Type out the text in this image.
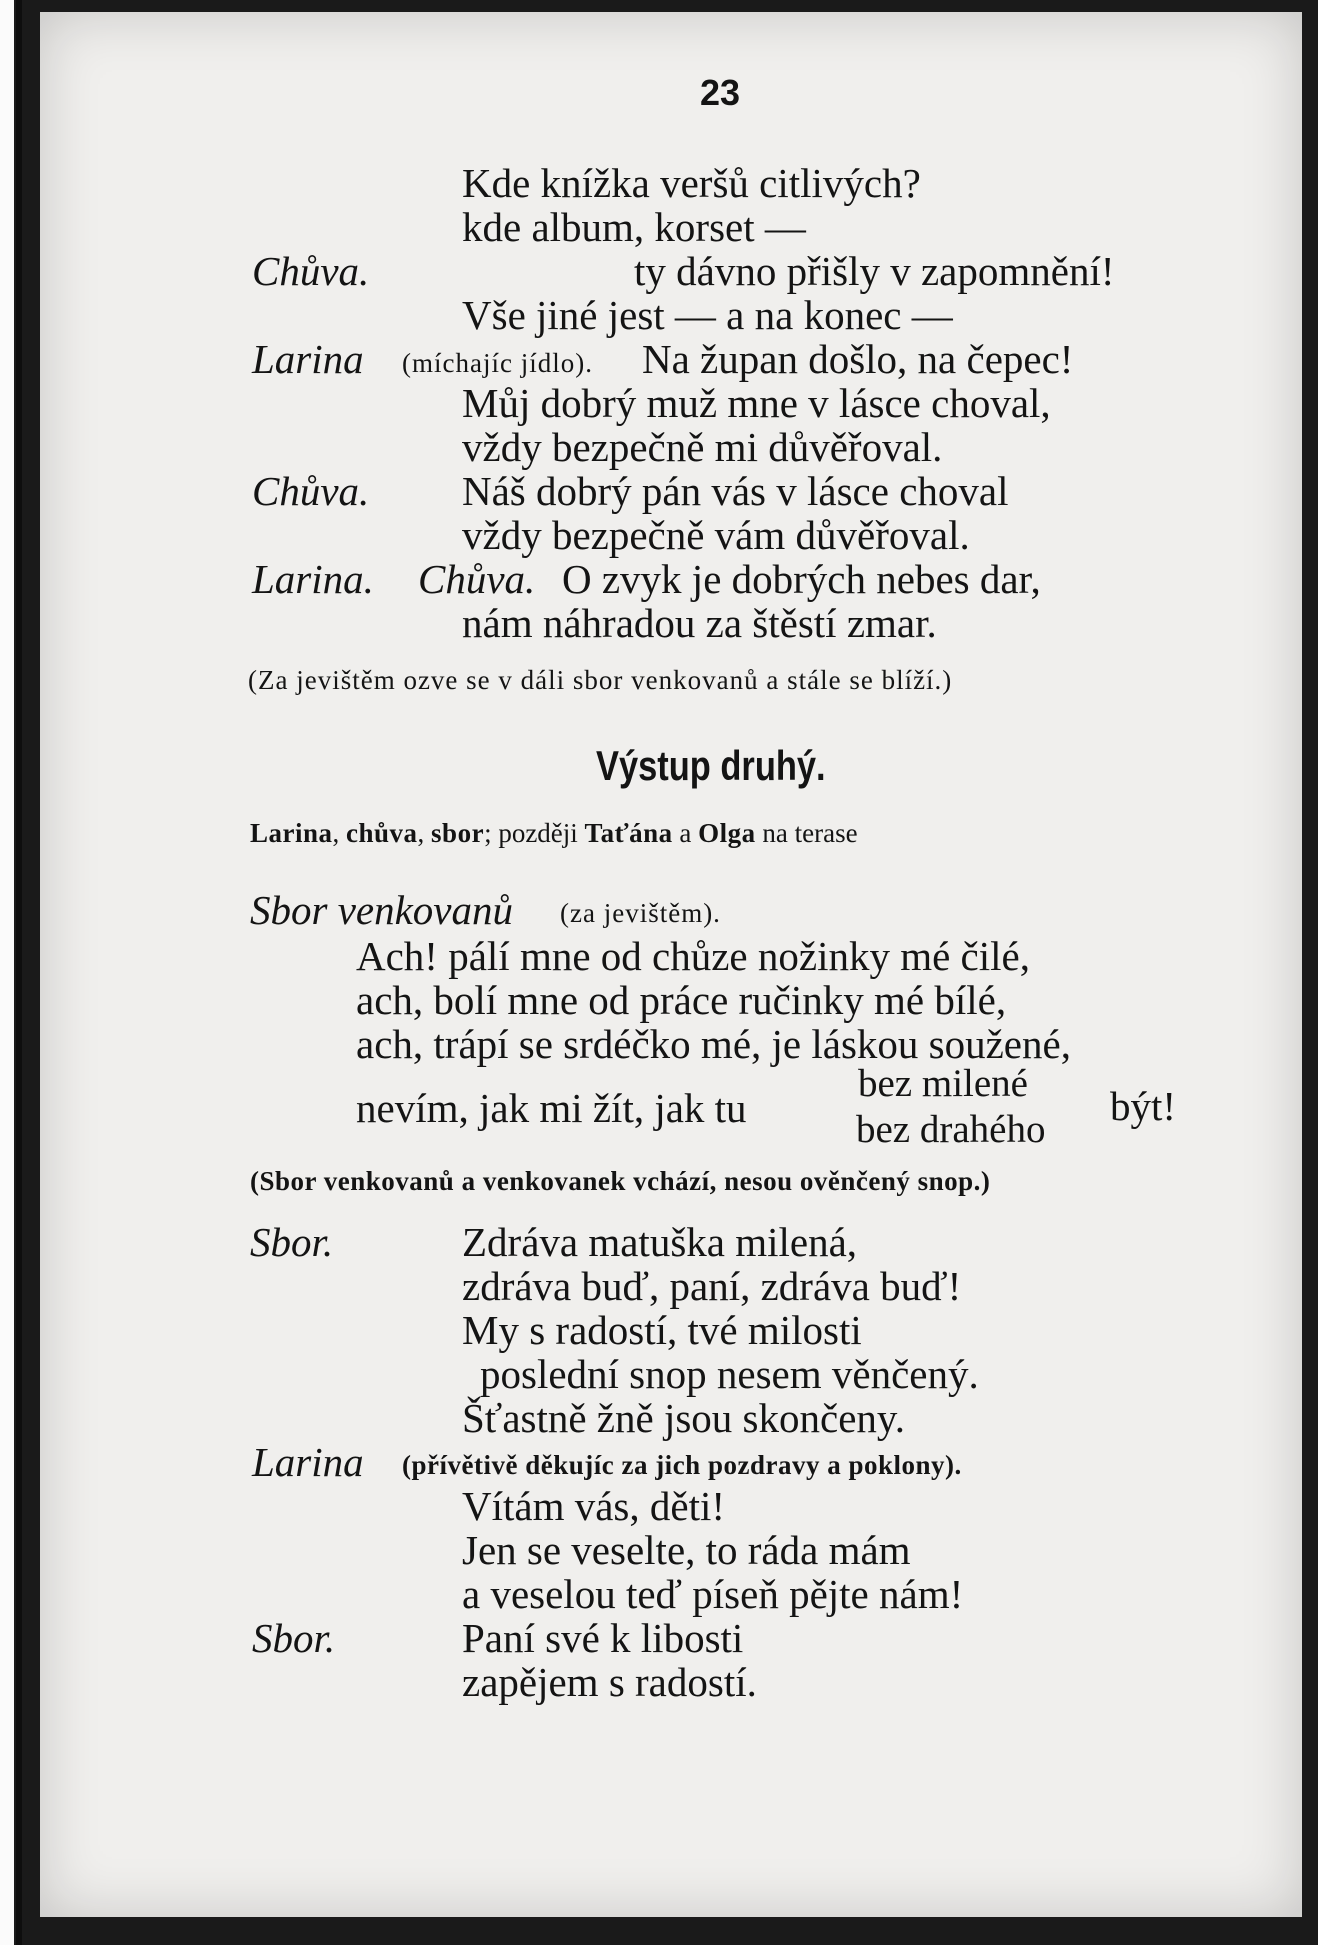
23
Kde knížka veršů citlivých?
kde album, korset —
Chůva.	ty dávno přišly v zapomnění!
Vše jiné jest — a na konec —
Larina (míchajíc jídlo). Na župan došlo, na čepec!
Můj dobrý muž mne v lásce choval,
vždy bezpečně mi důvěřoval.
Chůva. Náš dobrý pán vás v lásce choval
vždy bezpečně vám důvěřoval.
Larina. Chůva. O zvyk je dobrých nebes dar,
nám náhradou za štěstí zmar.
(Za jevištěm ozve se v dáli sbor venkovanů a stále se blíží.)
Výstup druhý.
Larina, chůva, sbor; později Taťána a Olga na terase
Sbor venkovanů (za jevištěm).
Ach! pálí mne od chůze nožinky mé čilé,
ach, bolí mne od práce ručinky mé bílé,
ach, trápí se srdéčko mé, je láskou soužené,
nevím, jak mi žít, jak tu
bez milené
bez drahého
být!
(Sbor venkovanů a venkovanek vchází, nesou ověnčený snop.)
Sbor.	Zdráva matuška milená,
zdráva buď, paní, zdráva buď!
My s radostí, tvé milosti
poslední snop nesem věnčený.
Šťastně žně jsou skončeny.
Larina (přívětivě děkujíc za jich pozdravy a poklony).
Vítám vás, děti!
Jen se veselte, to ráda mám
a veselou teď píseň pějte nám!
Sbor.	Paní své k libosti
zapějem s radostí.
